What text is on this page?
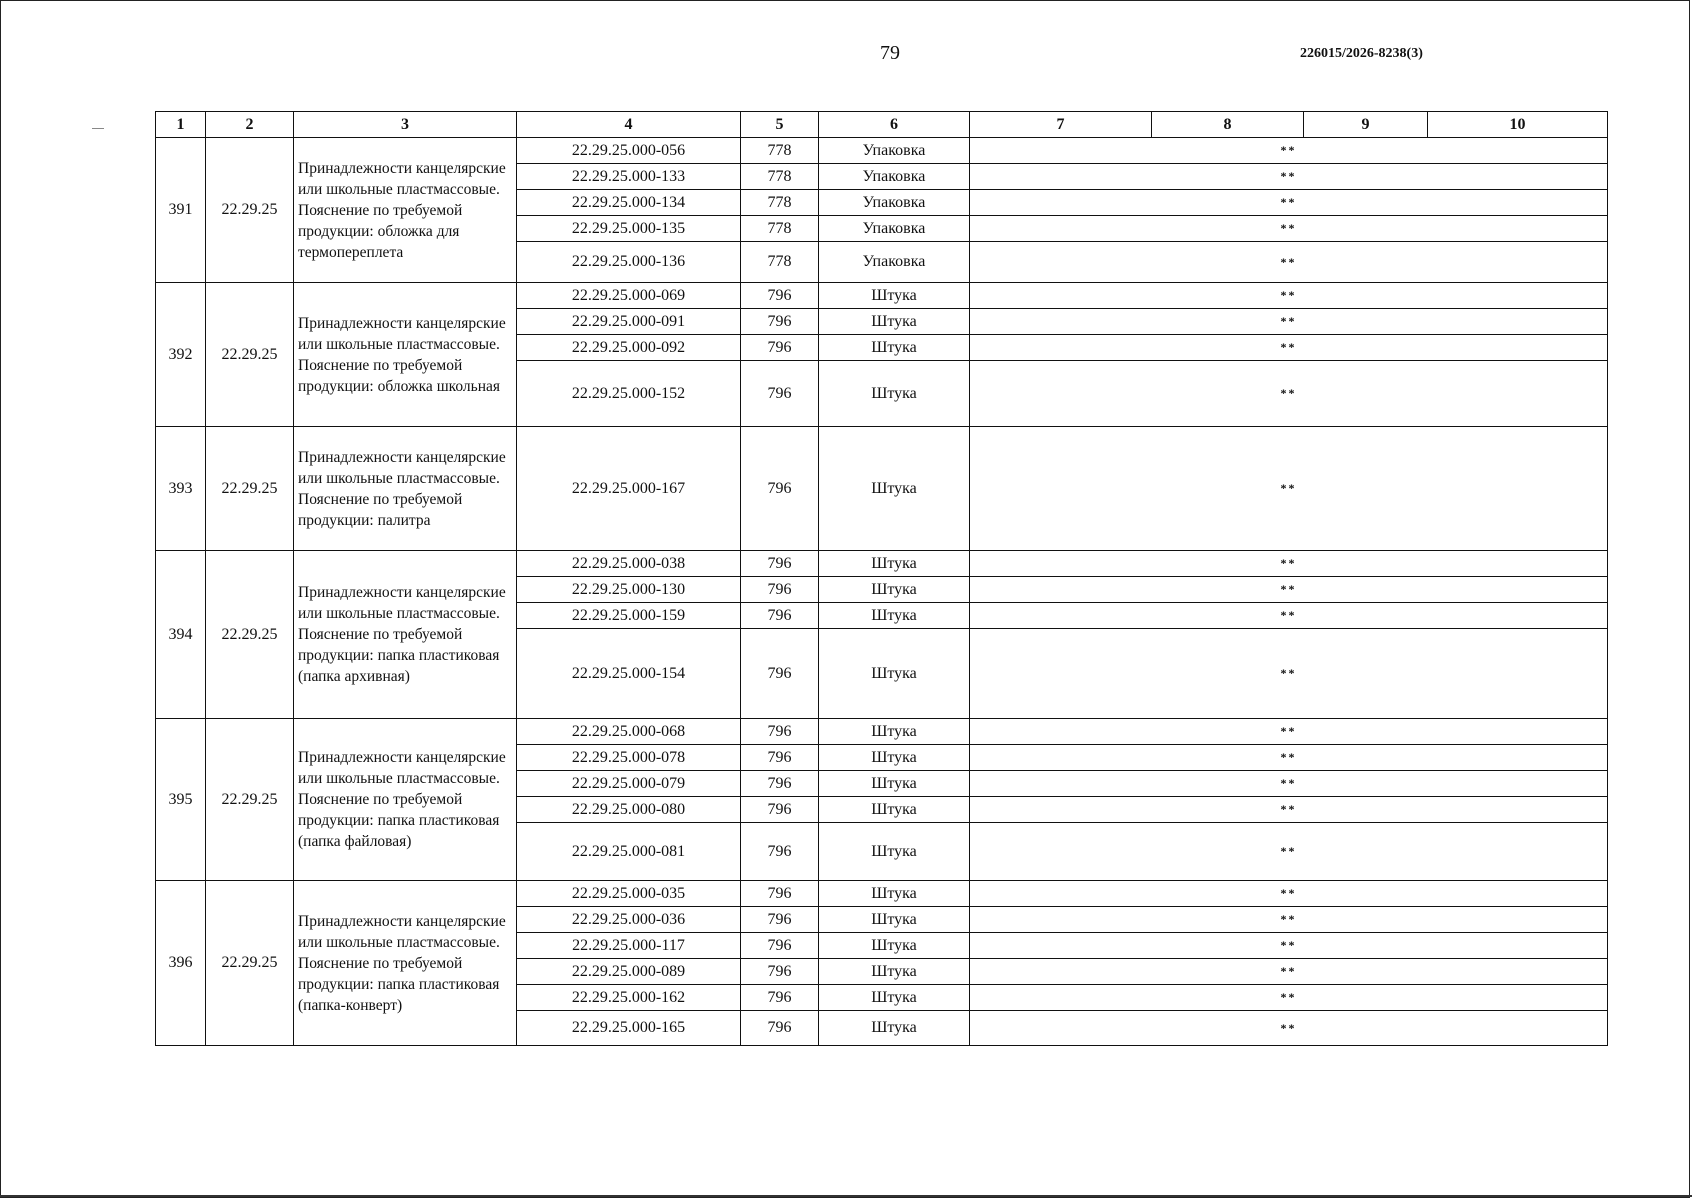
79	226015/2026-8238(3)
1	2	3	4	5	6	7	8	9	10
391	22.29.25	Принадлежности канцелярские или школьные пластмассовые. Пояснение по требуемой продукции: обложка для термопереплета	22.29.25.000-056	778	Упаковка	**			
			22.29.25.000-133	778	Упаковка	**			
			22.29.25.000-134	778	Упаковка	**			
			22.29.25.000-135	778	Упаковка	**			
			22.29.25.000-136	778	Упаковка	**			
392	22.29.25	Принадлежности канцелярские или школьные пластмассовые. Пояснение по требуемой продукции: обложка школьная	22.29.25.000-069	796	Штука	**			
			22.29.25.000-091	796	Штука	**			
			22.29.25.000-092	796	Штука	**			
			22.29.25.000-152	796	Штука	**			
393	22.29.25	Принадлежности канцелярские или школьные пластмассовые. Пояснение по требуемой продукции: палитра	22.29.25.000-167	796	Штука	**			
394	22.29.25	Принадлежности канцелярские или школьные пластмассовые. Пояснение по требуемой продукции: папка пластиковая (папка архивная)	22.29.25.000-038	796	Штука	**			
			22.29.25.000-130	796	Штука	**			
			22.29.25.000-159	796	Штука	**			
			22.29.25.000-154	796	Штука	**			
395	22.29.25	Принадлежности канцелярские или школьные пластмассовые. Пояснение по требуемой продукции: папка пластиковая (папка файловая)	22.29.25.000-068	796	Штука	**			
			22.29.25.000-078	796	Штука	**			
			22.29.25.000-079	796	Штука	**			
			22.29.25.000-080	796	Штука	**			
			22.29.25.000-081	796	Штука	**			
396	22.29.25	Принадлежности канцелярские или школьные пластмассовые. Пояснение по требуемой продукции: папка пластиковая (папка-конверт)	22.29.25.000-035	796	Штука	**			
			22.29.25.000-036	796	Штука	**			
			22.29.25.000-117	796	Штука	**			
			22.29.25.000-089	796	Штука	**			
			22.29.25.000-162	796	Штука	**			
			22.29.25.000-165	796	Штука	**			
